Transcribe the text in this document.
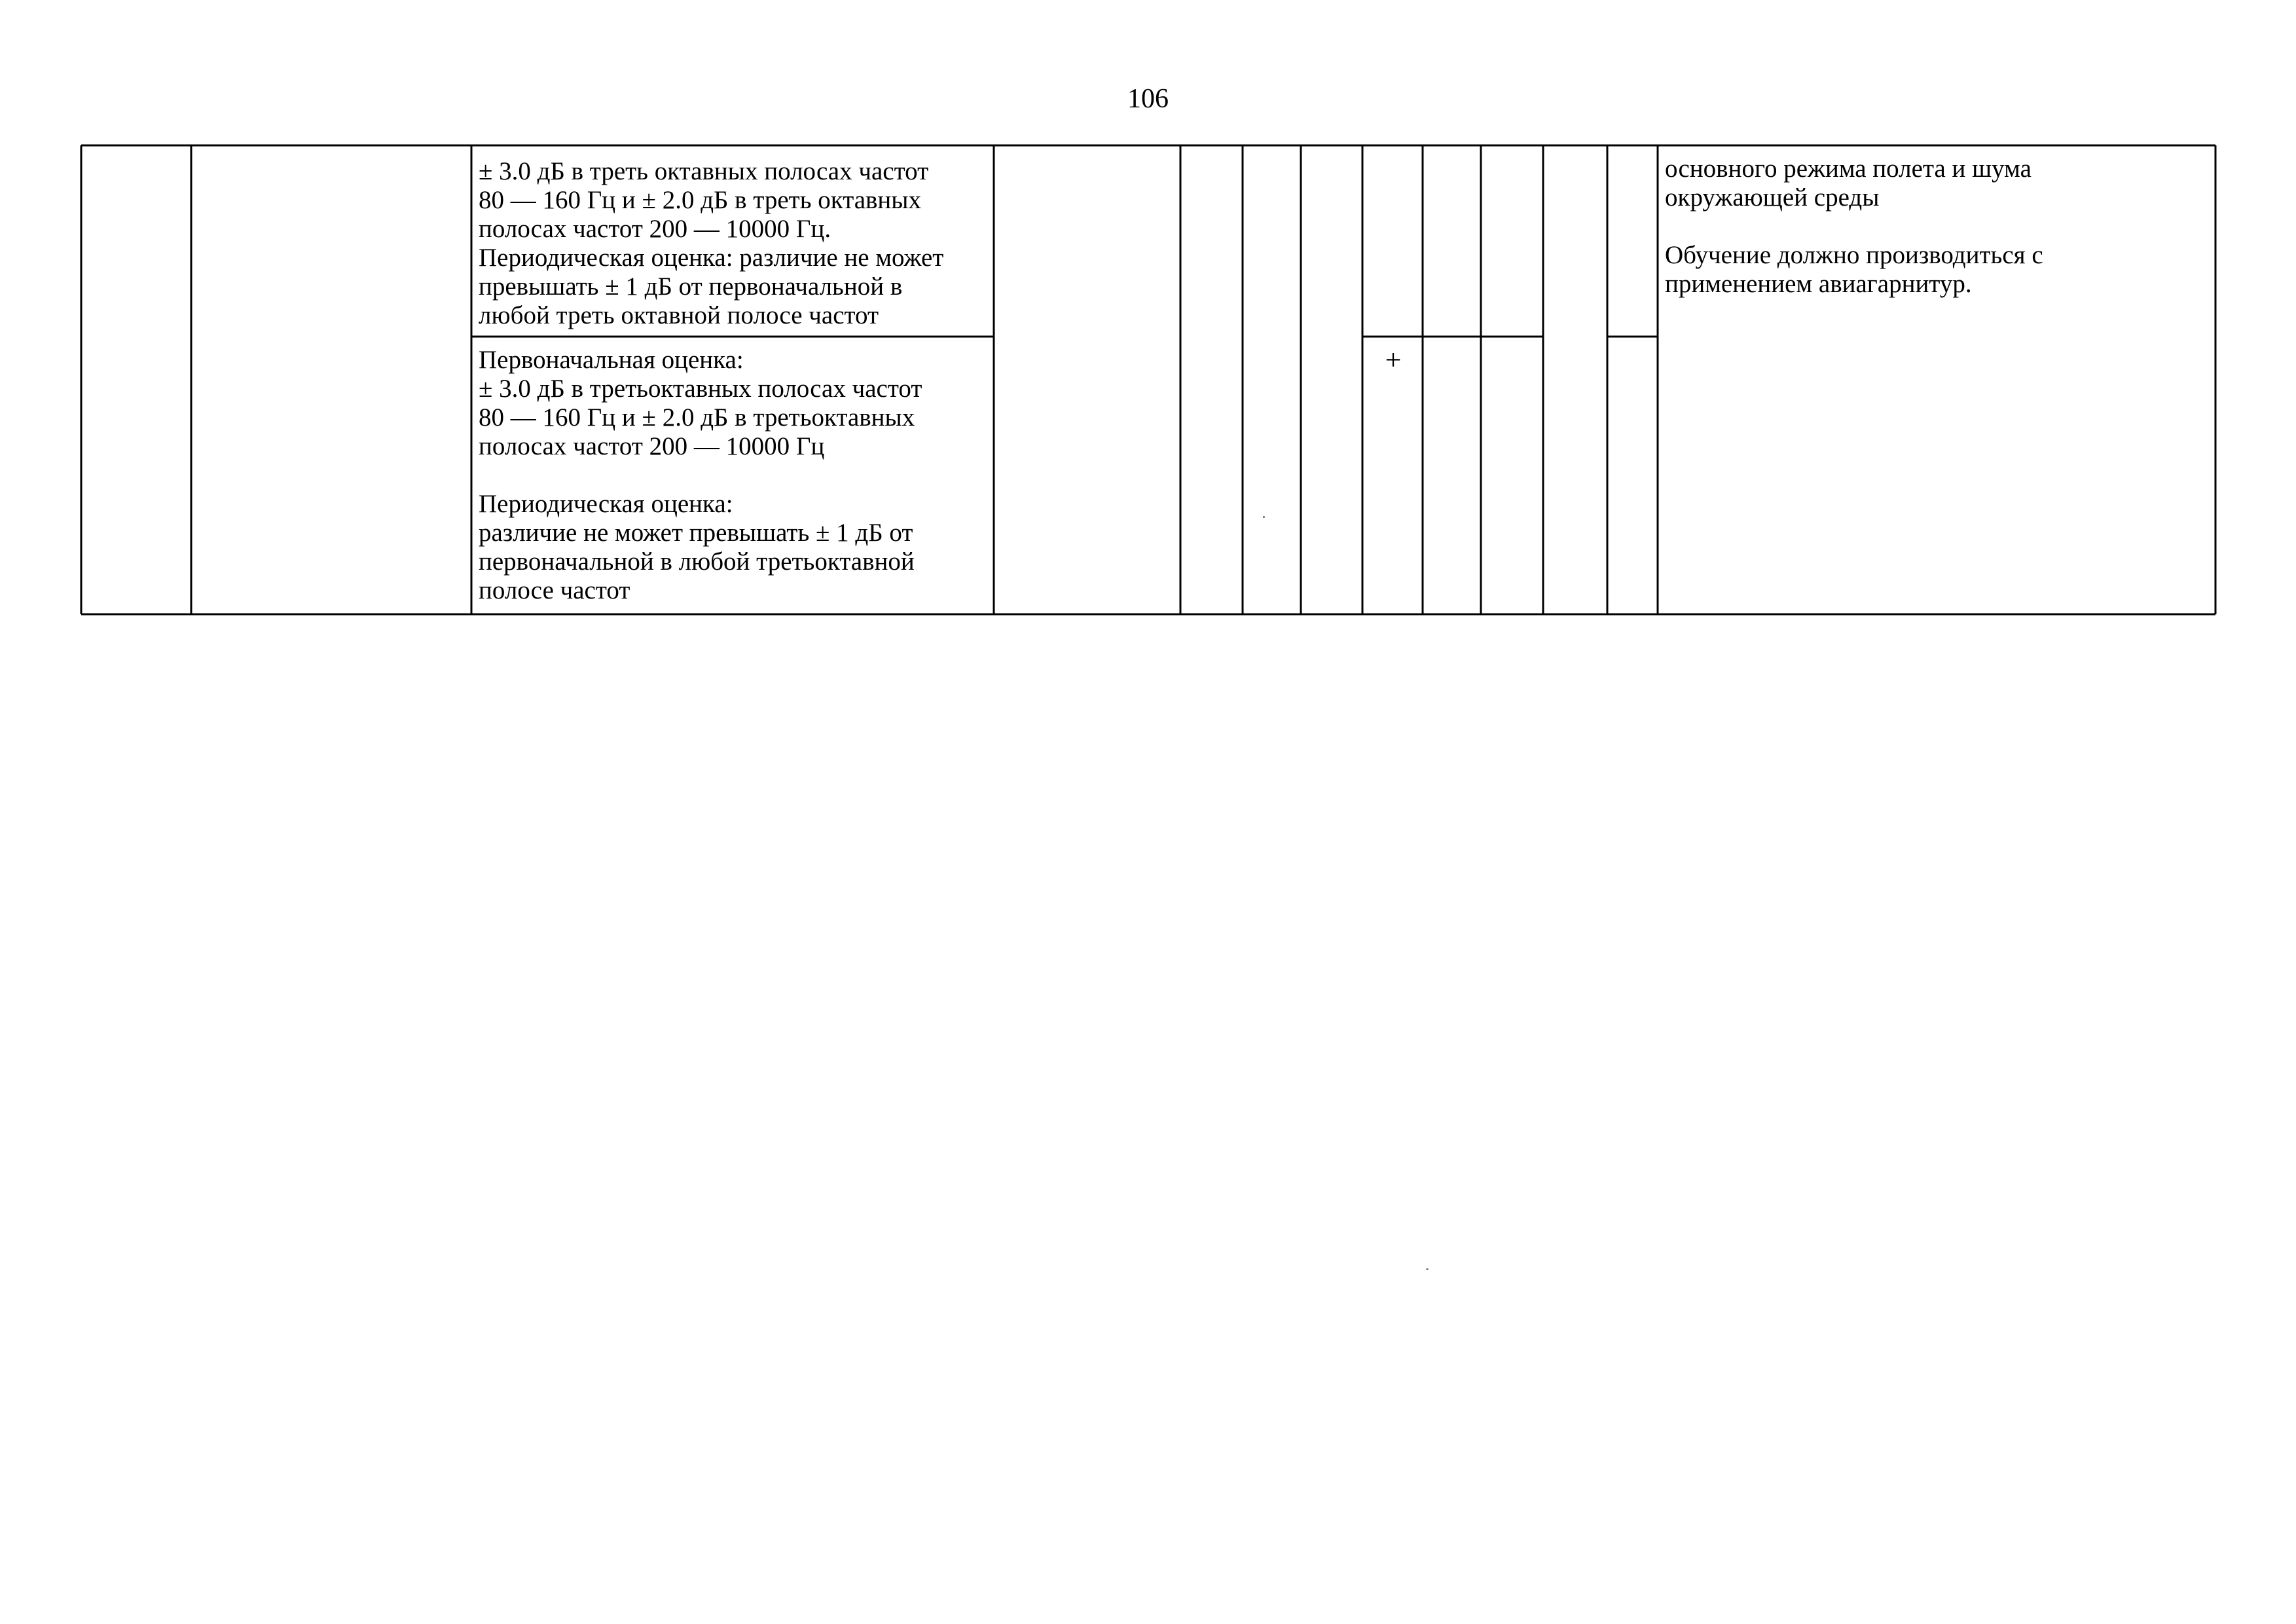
106
± 3.0 дБ в треть октавных полосах частот
80 — 160 Гц и ± 2.0 дБ в треть октавных
полосах частот 200 — 10000 Гц.
Периодическая оценка: различие не может
превышать ± 1 дБ от первоначальной в
любой треть октавной полосе частот
Первоначальная оценка:
± 3.0 дБ в третьоктавных полосах частот
80 — 160 Гц и ± 2.0 дБ в третьоктавных
полосах частот 200 — 10000 Гц

Периодическая оценка:
различие не может превышать ± 1 дБ от
первоначальной в любой третьоктавной
полосе частот
+
основного режима полета и шума
окружающей среды

Обучение должно производиться с
применением авиагарнитур.
